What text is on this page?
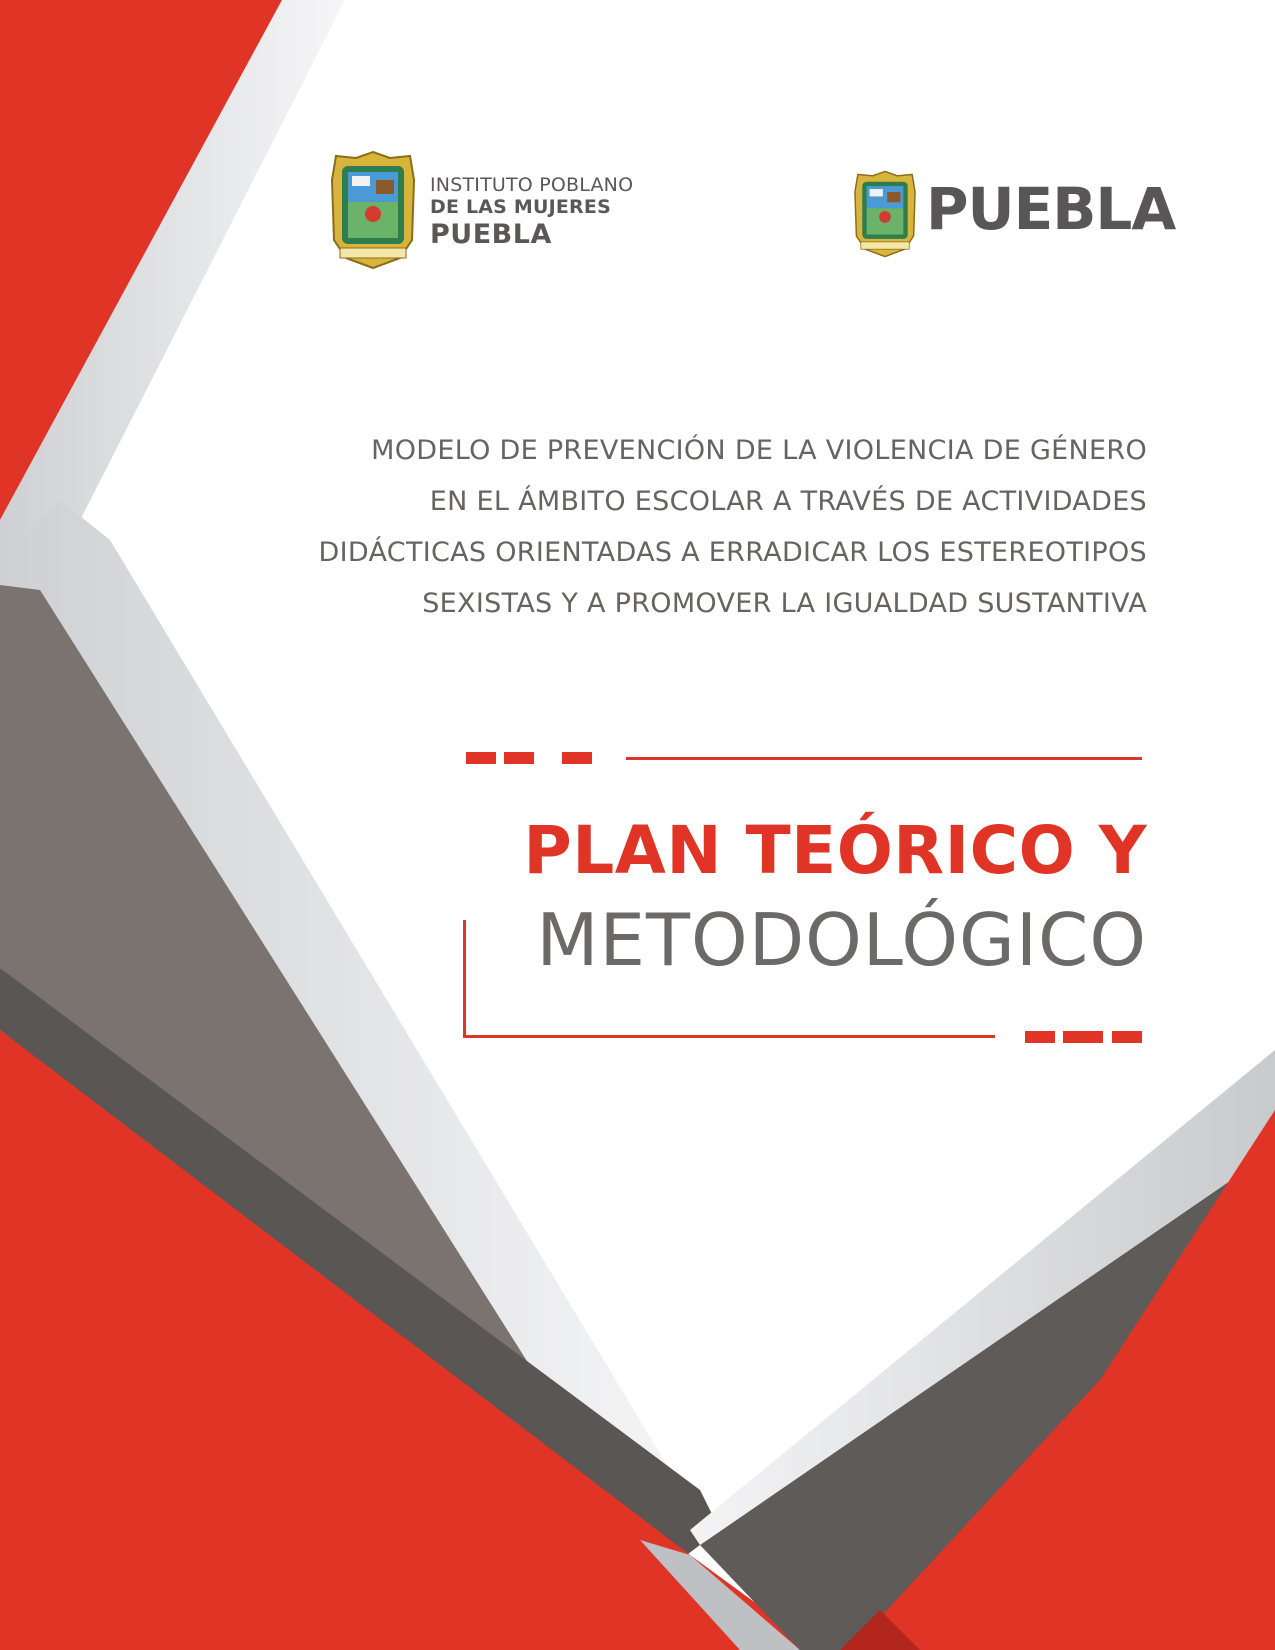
INSTITUTO POBLANO
DE LAS MUJERES
PUEBLA	PUEBLA
MODELO DE PREVENCIÓN DE LA VIOLENCIA DE GÉNERO
EN EL ÁMBITO ESCOLAR A TRAVÉS DE ACTIVIDADES
DIDÁCTICAS ORIENTADAS A ERRADICAR LOS ESTEREOTIPOS
SEXISTAS Y A PROMOVER LA IGUALDAD SUSTANTIVA
PLAN TEÓRICO Y
METODOLÓGICO
